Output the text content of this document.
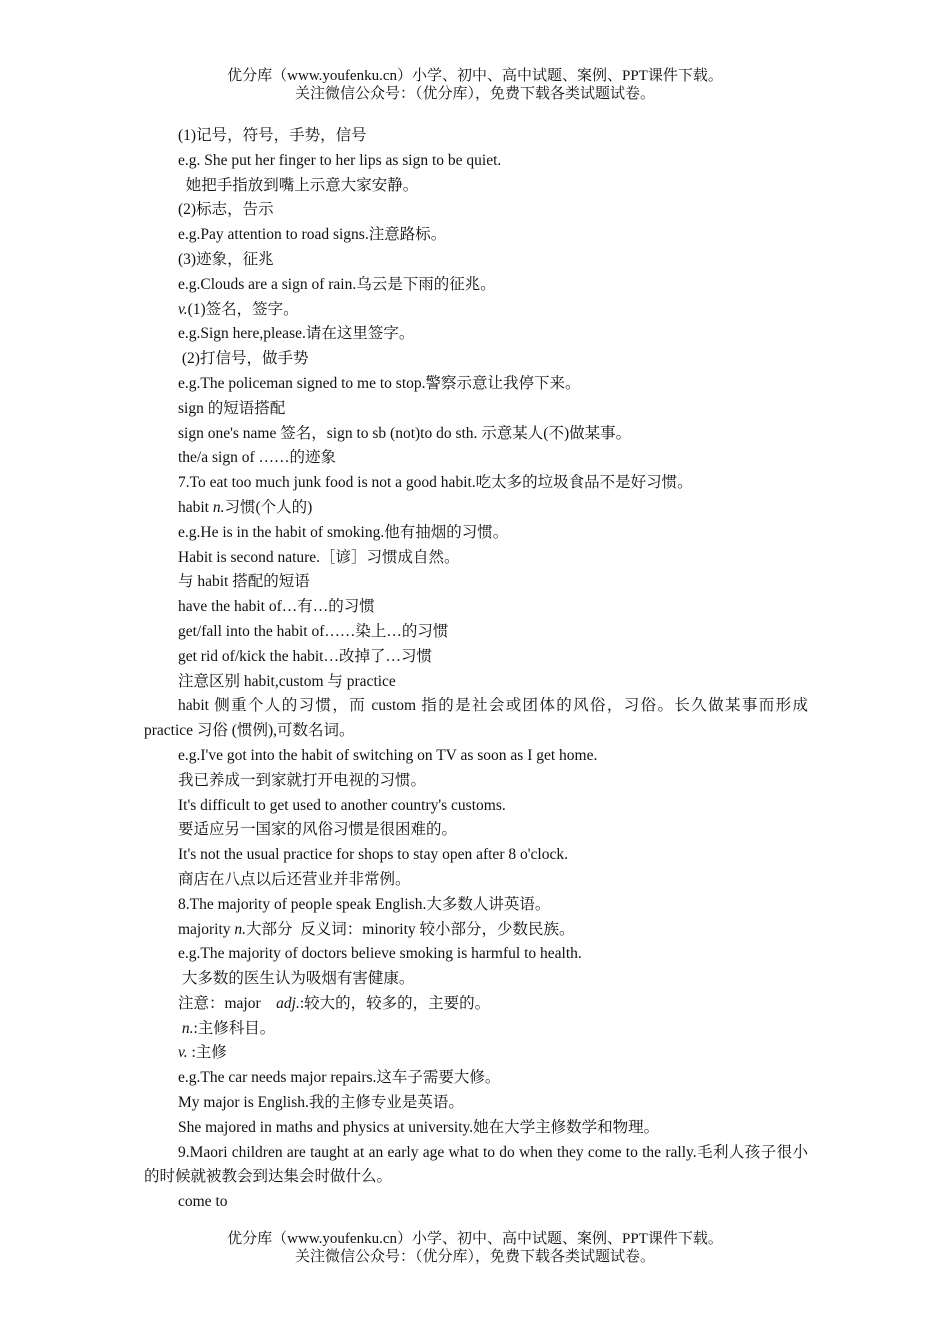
优分库（www.youfenku.cn）小学、初中、高中试题、案例、PPT课件下载。
关注微信公众号：（优分库），免费下载各类试题试卷。
(1)记号，符号，手势，信号
e.g. She put her finger to her lips as sign to be quiet.
她把手指放到嘴上示意大家安静。
(2)标志，告示
e.g.Pay attention to road signs.注意路标。
(3)迹象，征兆
e.g.Clouds are a sign of rain.乌云是下雨的征兆。
v.(1)签名，签字。
e.g.Sign here,please.请在这里签字。
(2)打信号，做手势
e.g.The policeman signed to me to stop.警察示意让我停下来。
sign 的短语搭配
sign one's name 签名，sign to sb (not)to do sth. 示意某人(不)做某事。
the/a sign of ……的迹象
7.To eat too much junk food is not a good habit.吃太多的垃圾食品不是好习惯。
habit n.习惯(个人的)
e.g.He is in the habit of smoking.他有抽烟的习惯。
Habit is second nature.［谚］习惯成自然。
与 habit 搭配的短语
have the habit of…有…的习惯
get/fall into the habit of……染上…的习惯
get rid of/kick the habit…改掉了…习惯
注意区别 habit,custom 与 practice
habit 侧重个人的习惯，而 custom 指的是社会或团体的风俗，习俗。长久做某事而形成 practice 习俗 (惯例),可数名词。
e.g.I've got into the habit of switching on TV as soon as I get home.
我已养成一到家就打开电视的习惯。
It's difficult to get used to another country's customs.
要适应另一国家的风俗习惯是很困难的。
It's not the usual practice for shops to stay open after 8 o'clock.
商店在八点以后还营业并非常例。
8.The majority of people speak English.大多数人讲英语。
majority n.大部分  反义词：minority 较小部分，少数民族。
e.g.The majority of doctors believe smoking is harmful to health.
大多数的医生认为吸烟有害健康。
注意：major    adj.:较大的，较多的，主要的。
n.:主修科目。
v. :主修
e.g.The car needs major repairs.这车子需要大修。
My major is English.我的主修专业是英语。
She majored in maths and physics at university.她在大学主修数学和物理。
9.Maori children are taught at an early age what to do when they come to the rally.毛利人孩子很小的时候就被教会到达集会时做什么。
come to
优分库（www.youfenku.cn）小学、初中、高中试题、案例、PPT课件下载。
关注微信公众号：（优分库），免费下载各类试题试卷。
